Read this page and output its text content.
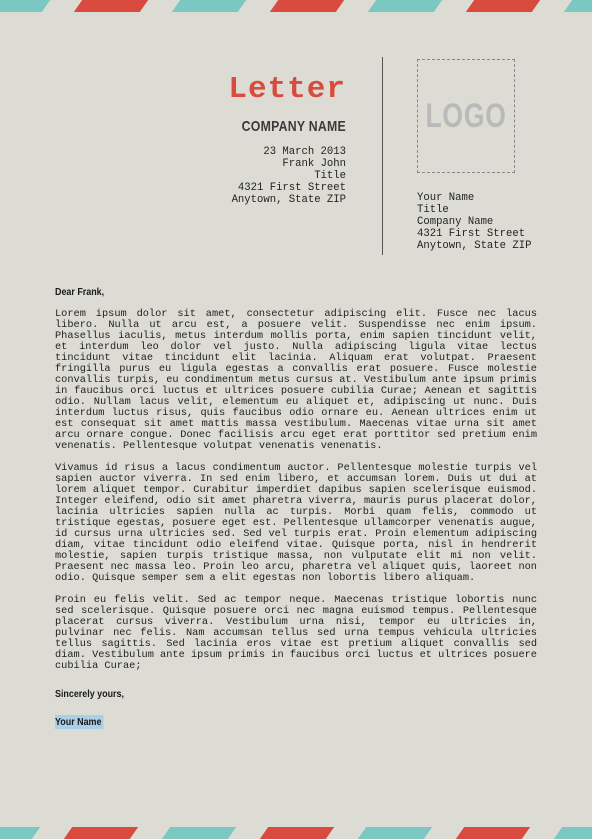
Letter
COMPANY NAME
23 March 2013
Frank John
Title
4321 First Street
Anytown, State ZIP
LOGO
Your Name
Title
Company Name
4321 First Street
Anytown, State ZIP
Dear Frank,

Lorem ipsum dolor sit amet, consectetur adipiscing elit. Fusce nec lacus libero. Nulla ut arcu est, a posuere velit. Suspendisse nec enim ipsum. Phasellus iaculis, metus interdum mollis porta, enim sapien tincidunt velit, et interdum leo dolor vel justo. Nulla adipiscing ligula vitae lectus tincidunt vitae tincidunt elit lacinia. Aliquam erat volutpat. Praesent fringilla purus eu ligula egestas a convallis erat posuere. Fusce molestie convallis turpis, eu condimentum metus cursus at. Vestibulum ante ipsum primis in faucibus orci luctus et ultrices posuere cubilia Curae; Aenean et sagittis odio. Nullam lacus velit, elementum eu aliquet et, adipiscing ut nunc. Duis interdum luctus risus, quis faucibus odio ornare eu. Aenean ultrices enim ut est consequat sit amet mattis massa vestibulum. Maecenas vitae urna sit amet arcu ornare congue. Donec facilisis arcu eget erat porttitor sed pretium enim venenatis. Pellentesque volutpat venenatis venenatis.

Vivamus id risus a lacus condimentum auctor. Pellentesque molestie turpis vel sapien auctor viverra. In sed enim libero, et accumsan lorem. Duis ut dui at lorem aliquet tempor. Curabitur imperdiet dapibus sapien scelerisque euismod. Integer eleifend, odio sit amet pharetra viverra, mauris purus placerat dolor, lacinia ultricies sapien nulla ac turpis. Morbi quam felis, commodo ut tristique egestas, posuere eget est. Pellentesque ullamcorper venenatis augue, id cursus urna ultricies sed. Sed vel turpis erat. Proin elementum adipiscing diam, vitae tincidunt odio eleifend vitae. Quisque porta, nisl in hendrerit molestie, sapien turpis tristique massa, non vulputate elit mi non velit. Praesent nec massa leo. Proin leo arcu, pharetra vel aliquet quis, laoreet non odio. Quisque semper sem a elit egestas non lobortis libero aliquam.

Proin eu felis velit. Sed ac tempor neque. Maecenas tristique lobortis nunc sed scelerisque. Quisque posuere orci nec magna euismod tempus. Pellentesque placerat cursus viverra. Vestibulum urna nisi, tempor eu ultricies in, pulvinar nec felis. Nam accumsan tellus sed urna tempus vehicula ultricies tellus sagittis. Sed lacinia eros vitae est pretium aliquet convallis sed diam. Vestibulum ante ipsum primis in faucibus orci luctus et ultrices posuere cubilia Curae;

Sincerely yours,
Your Name
